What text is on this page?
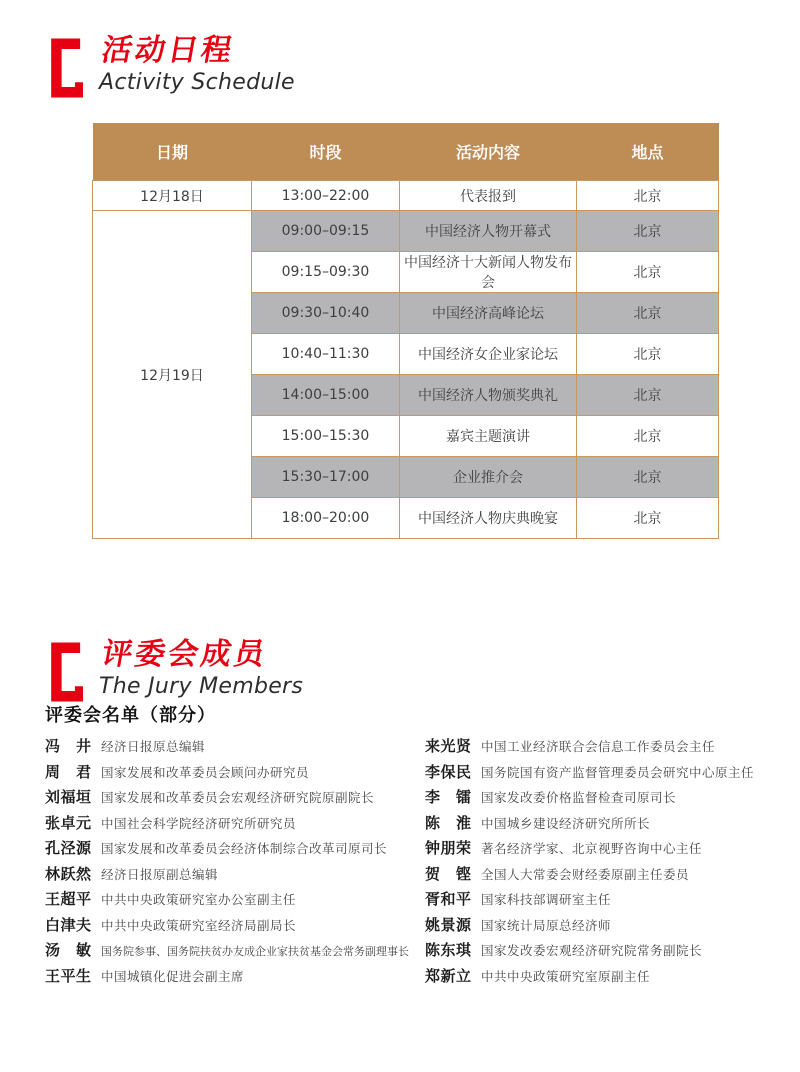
活动日程
Activity Schedule
日期	时段	活动内容	地点
12月18日	13:00–22:00	代表报到	北京
12月19日	09:00–09:15	中国经济人物开幕式	北京
	09:15–09:30	中国经济十大新闻人物发布会	北京
	09:30–10:40	中国经济高峰论坛	北京
	10:40–11:30	中国经济女企业家论坛	北京
	14:00–15:00	中国经济人物颁奖典礼	北京
	15:00–15:30	嘉宾主题演讲	北京
	15:30–17:00	企业推介会	北京
	18:00–20:00	中国经济人物庆典晚宴	北京
评委会成员
The Jury Members
评委会名单（部分）
冯　井 经济日报原总编辑
周　君 国家发展和改革委员会顾问办研究员
刘福垣 国家发展和改革委员会宏观经济研究院原副院长
张卓元 中国社会科学院经济研究所研究员
孔泾源 国家发展和改革委员会经济体制综合改革司原司长
林跃然 经济日报原副总编辑
王超平 中共中央政策研究室办公室副主任
白津夫 中共中央政策研究室经济局副局长
汤　敏 国务院参事、国务院扶贫办友成企业家扶贫基金会常务副理事长
王平生 中国城镇化促进会副主席
来光贤 中国工业经济联合会信息工作委员会主任
李保民 国务院国有资产监督管理委员会研究中心原主任
李　镭 国家发改委价格监督检查司原司长
陈　淮 中国城乡建设经济研究所所长
钟朋荣 著名经济学家、北京视野咨询中心主任
贺　铿 全国人大常委会财经委原副主任委员
胥和平 国家科技部调研室主任
姚景源 国家统计局原总经济师
陈东琪 国家发改委宏观经济研究院常务副院长
郑新立 中共中央政策研究室原副主任
